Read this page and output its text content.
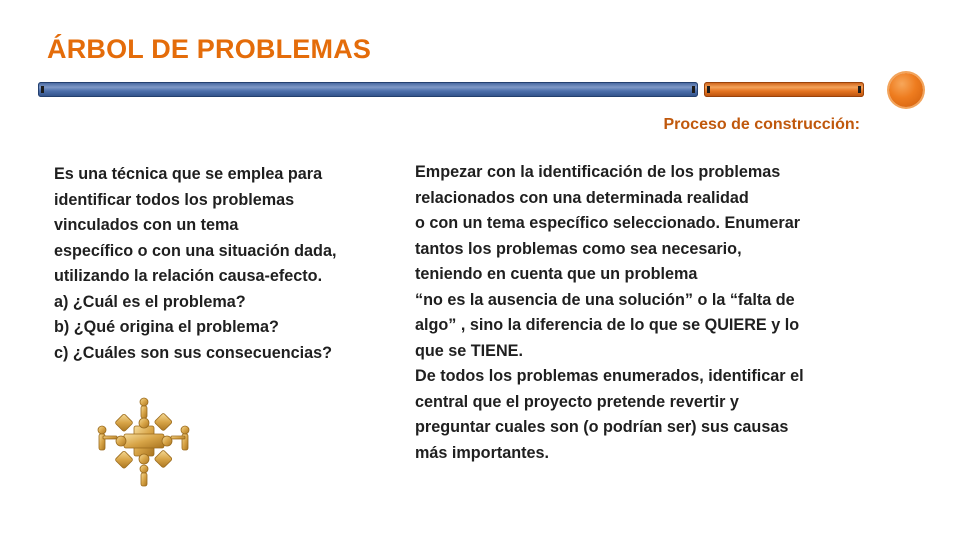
ÁRBOL DE PROBLEMAS
Proceso de construcción:
Es una técnica que se emplea para
identificar todos los problemas
vinculados con un tema
específico o con una situación dada,
utilizando la relación causa-efecto.
a) ¿Cuál es el problema?
b) ¿Qué origina el problema?
c) ¿Cuáles son sus consecuencias?
Empezar con la identificación de los problemas
relacionados con una determinada realidad
o con un tema específico seleccionado. Enumerar
tantos los problemas como sea necesario,
teniendo en cuenta que un problema
“no es la ausencia de una solución” o la “falta de
algo” , sino la diferencia de lo que se QUIERE y lo
que se TIENE.
De todos los problemas enumerados, identificar el
central que el proyecto pretende revertir y
preguntar cuales son (o podrían ser) sus causas
más importantes.
